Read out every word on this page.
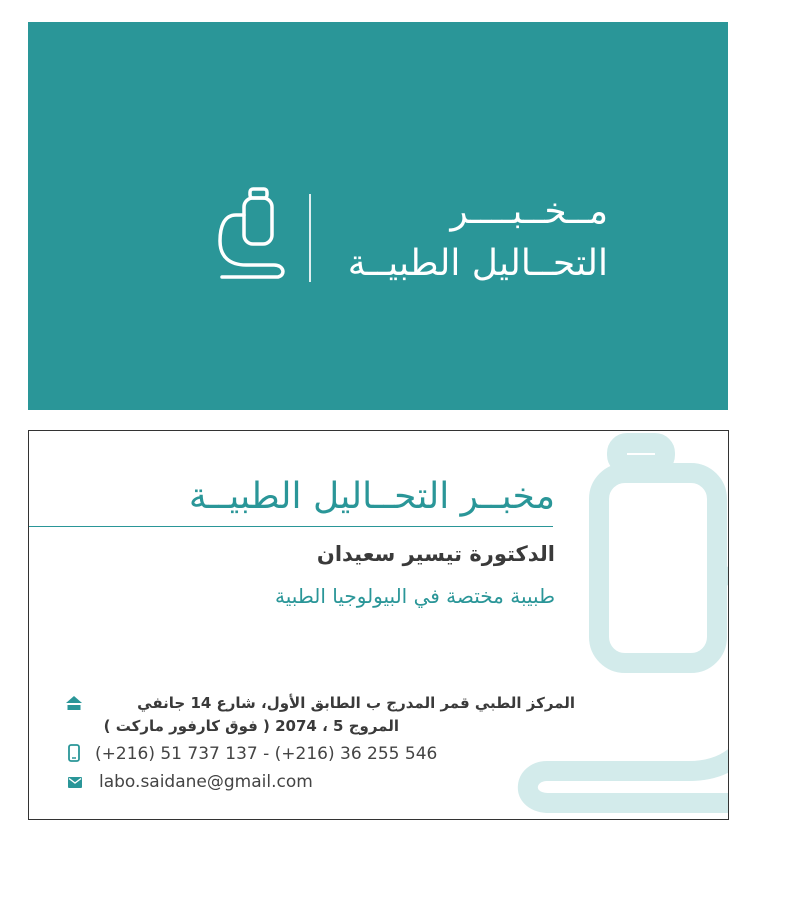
مــخــبــــر
التحــاليل الطبيــة
مخبــر التحــاليل الطبيــة
الدكتورة تيسير سعيدان
طبيبة مختصة في البيولوجيا الطبية
المركز الطبي قمر المدرج ب الطابق الأول، شارع 14 جانفي
المروج 5 ، 2074 ( فوق كارفور ماركت )
(+216) 51 737 137 - (+216) 36 255 546
labo.saidane@gmail.com
